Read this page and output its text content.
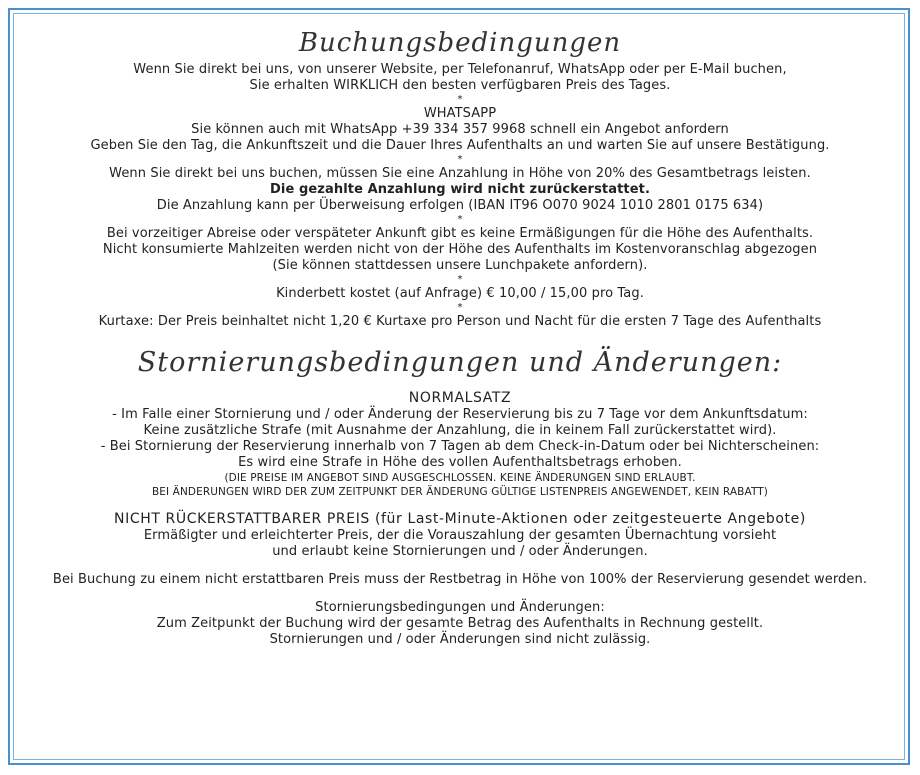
Buchungsbedingungen
Wenn Sie direkt bei uns, von unserer Website, per Telefonanruf, WhatsApp oder per E-Mail buchen,
Sie erhalten WIRKLICH den besten verfügbaren Preis des Tages.
*
WHATSAPP
Sie können auch mit WhatsApp +39 334 357 9968 schnell ein Angebot anfordern
Geben Sie den Tag, die Ankunftszeit und die Dauer Ihres Aufenthalts an und warten Sie auf unsere Bestätigung.
*
Wenn Sie direkt bei uns buchen, müssen Sie eine Anzahlung in Höhe von 20% des Gesamtbetrags leisten.
Die gezahlte Anzahlung wird nicht zurückerstattet.
Die Anzahlung kann per Überweisung erfolgen (IBAN IT96 O070 9024 1010 2801 0175 634)
*
Bei vorzeitiger Abreise oder verspäteter Ankunft gibt es keine Ermäßigungen für die Höhe des Aufenthalts.
Nicht konsumierte Mahlzeiten werden nicht von der Höhe des Aufenthalts im Kostenvoranschlag abgezogen
(Sie können stattdessen unsere Lunchpakete anfordern).
*
Kinderbett kostet (auf Anfrage) € 10,00 / 15,00 pro Tag.
*
Kurtaxe: Der Preis beinhaltet nicht 1,20 € Kurtaxe pro Person und Nacht für die ersten 7 Tage des Aufenthalts
Stornierungsbedingungen und Änderungen:
NORMALSATZ
- Im Falle einer Stornierung und / oder Änderung der Reservierung bis zu 7 Tage vor dem Ankunftsdatum:
Keine zusätzliche Strafe (mit Ausnahme der Anzahlung, die in keinem Fall zurückerstattet wird).
- Bei Stornierung der Reservierung innerhalb von 7 Tagen ab dem Check-in-Datum oder bei Nichterscheinen:
Es wird eine Strafe in Höhe des vollen Aufenthaltsbetrags erhoben.
(DIE PREISE IM ANGEBOT SIND AUSGESCHLOSSEN. KEINE ÄNDERUNGEN SIND ERLAUBT.
BEI ÄNDERUNGEN WIRD DER ZUM ZEITPUNKT DER ÄNDERUNG GÜLTIGE LISTENPREIS ANGEWENDET, KEIN RABATT)
NICHT RÜCKERSTATTBARER PREIS (für Last-Minute-Aktionen oder zeitgesteuerte Angebote)
Ermäßigter und erleichterter Preis, der die Vorauszahlung der gesamten Übernachtung vorsieht
und erlaubt keine Stornierungen und / oder Änderungen.
Bei Buchung zu einem nicht erstattbaren Preis muss der Restbetrag in Höhe von 100% der Reservierung gesendet werden.
Stornierungsbedingungen und Änderungen:
Zum Zeitpunkt der Buchung wird der gesamte Betrag des Aufenthalts in Rechnung gestellt.
Stornierungen und / oder Änderungen sind nicht zulässig.
